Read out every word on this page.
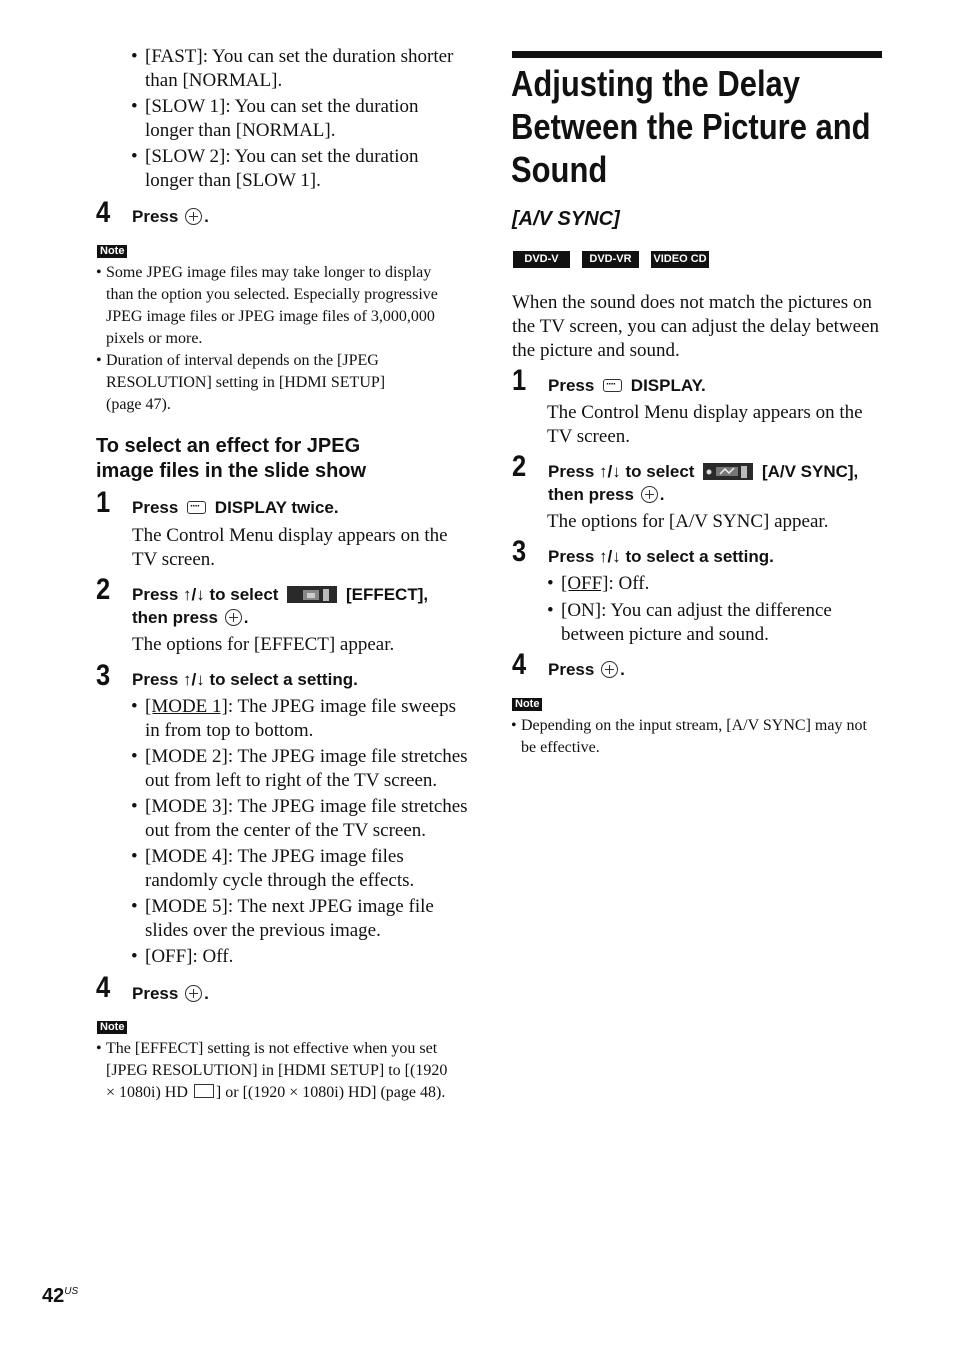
• [FAST]: You can set the duration shorter
than [NORMAL].
• [SLOW 1]: You can set the duration
longer than [NORMAL].
• [SLOW 2]: You can set the duration
longer than [SLOW 1].
4 Press .
Note
• Some JPEG image files may take longer to display
than the option you selected. Especially progressive
JPEG image files or JPEG image files of 3,000,000
pixels or more.
• Duration of interval depends on the [JPEG
RESOLUTION] setting in [HDMI SETUP]
(page 47).
To select an effect for JPEG
image files in the slide show
1 Press ···· DISPLAY twice.
The Control Menu display appears on the
TV screen.
2 Press ↑/↓ to select	[EFFECT],
then press .
The options for [EFFECT] appear.
3 Press ↑/↓ to select a setting.
• [MODE 1]: The JPEG image file sweeps
in from top to bottom.
• [MODE 2]: The JPEG image file stretches
out from left to right of the TV screen.
• [MODE 3]: The JPEG image file stretches
out from the center of the TV screen.
• [MODE 4]: The JPEG image files
randomly cycle through the effects.
• [MODE 5]: The next JPEG image file
slides over the previous image.
• [OFF]: Off.
4 Press .
Note
• The [EFFECT] setting is not effective when you set
[JPEG RESOLUTION] in [HDMI SETUP] to [(1920
× 1080i) HD ] or [(1920 × 1080i) HD] (page 48).
$42^{US}$
Adjusting the Delay
Between the Picture and
Sound
[A/V SYNC]
DVD-V	DVD-VR	VIDEO CD
When the sound does not match the pictures on
the TV screen, you can adjust the delay between
the picture and sound.
1 Press ···· DISPLAY.
The Control Menu display appears on the
TV screen.
2 Press ↑/↓ to select	[A/V SYNC],
then press .
The options for [A/V SYNC] appear.
3 Press ↑/↓ to select a setting.
• [OFF]: Off.
• [ON]: You can adjust the difference
between picture and sound.
4 Press .
Note
• Depending on the input stream, [A/V SYNC] may not
be effective.
